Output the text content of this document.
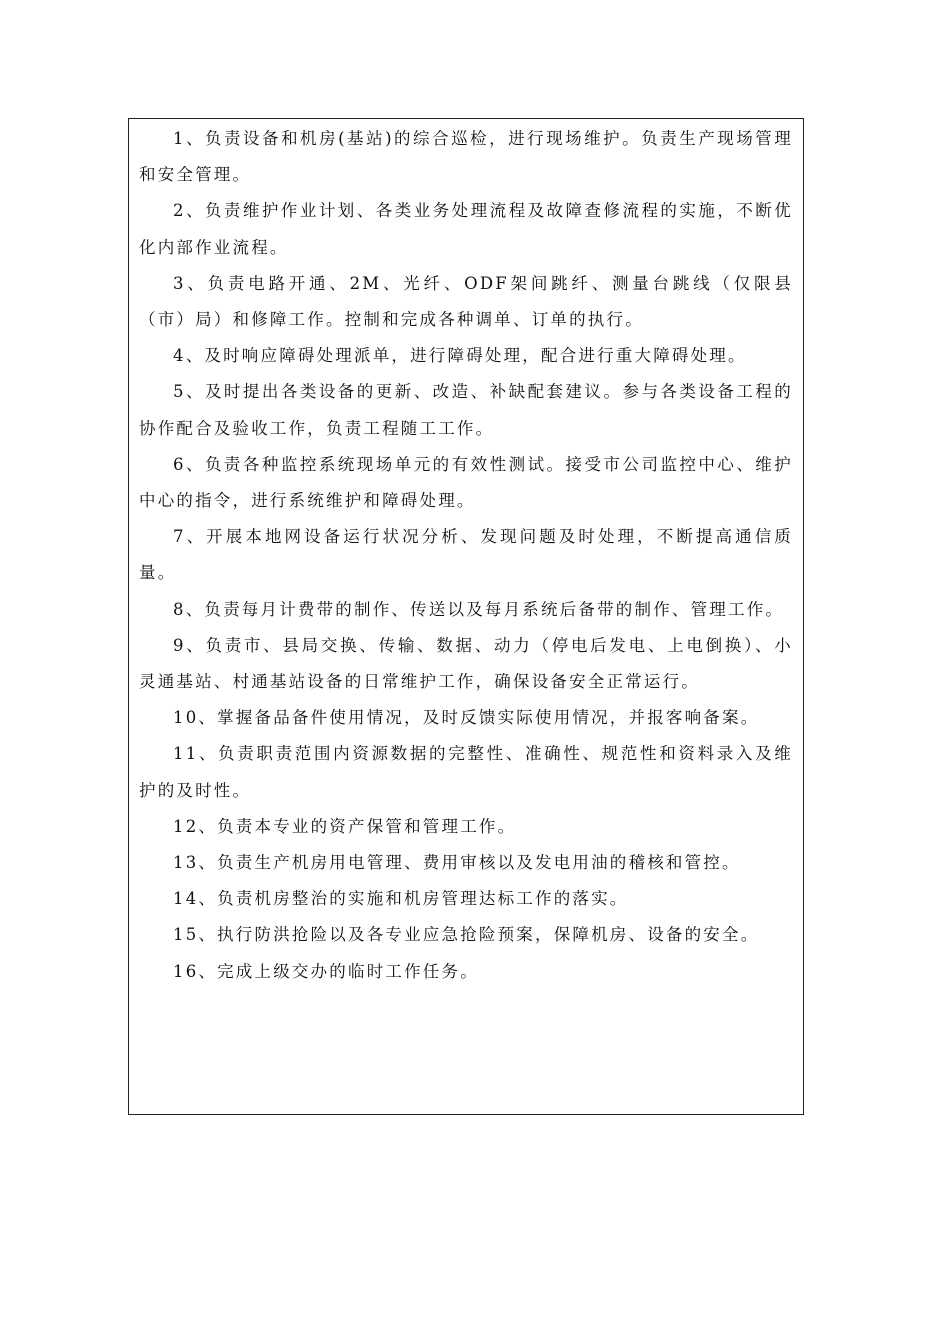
1、负责设备和机房(基站)的综合巡检，进行现场维护。负责生产现场管理和安全管理。
2、负责维护作业计划、各类业务处理流程及故障查修流程的实施，不断优化内部作业流程。
3、负责电路开通、2M、光纤、ODF架间跳纤、测量台跳线（仅限县（市）局）和修障工作。控制和完成各种调单、订单的执行。
4、及时响应障碍处理派单，进行障碍处理，配合进行重大障碍处理。
5、及时提出各类设备的更新、改造、补缺配套建议。参与各类设备工程的协作配合及验收工作，负责工程随工工作。
6、负责各种监控系统现场单元的有效性测试。接受市公司监控中心、维护中心的指令，进行系统维护和障碍处理。
7、开展本地网设备运行状况分析、发现问题及时处理，不断提高通信质量。
8、负责每月计费带的制作、传送以及每月系统后备带的制作、管理工作。
9、负责市、县局交换、传输、数据、动力（停电后发电、上电倒换）、小灵通基站、村通基站设备的日常维护工作，确保设备安全正常运行。
10、掌握备品备件使用情况，及时反馈实际使用情况，并报客响备案。
11、负责职责范围内资源数据的完整性、准确性、规范性和资料录入及维护的及时性。
12、负责本专业的资产保管和管理工作。
13、负责生产机房用电管理、费用审核以及发电用油的稽核和管控。
14、负责机房整治的实施和机房管理达标工作的落实。
15、执行防洪抢险以及各专业应急抢险预案，保障机房、设备的安全。
16、完成上级交办的临时工作任务。
